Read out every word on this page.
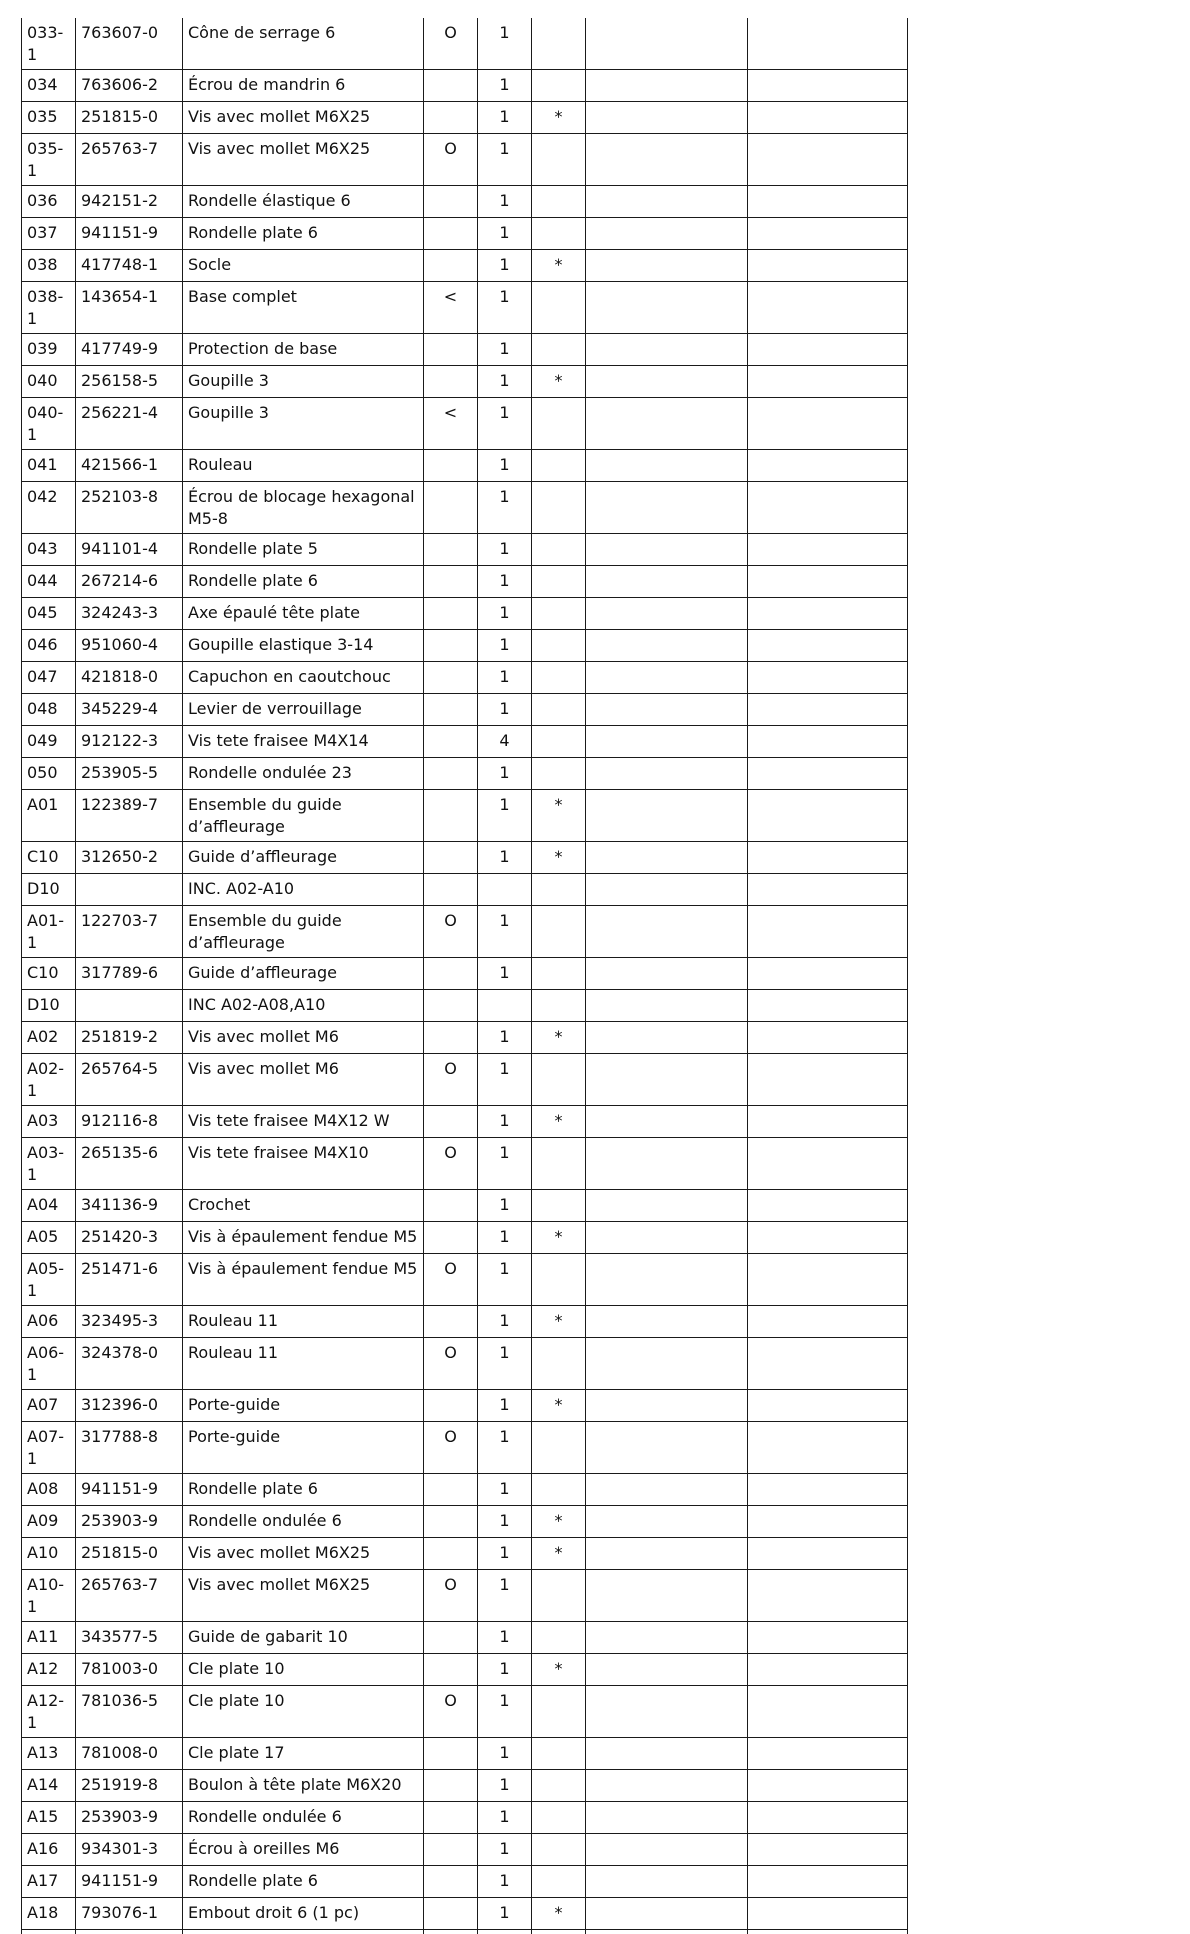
033-1	763607-0	Cône de serrage 6	O	1			
034	763606-2	Écrou de mandrin 6		1			
035	251815-0	Vis avec mollet M6X25		1	*		
035-1	265763-7	Vis avec mollet M6X25	O	1			
036	942151-2	Rondelle élastique 6		1			
037	941151-9	Rondelle plate 6		1			
038	417748-1	Socle		1	*		
038-1	143654-1	Base complet	<	1			
039	417749-9	Protection de base		1			
040	256158-5	Goupille 3		1	*		
040-1	256221-4	Goupille 3	<	1			
041	421566-1	Rouleau		1			
042	252103-8	Écrou de blocage hexagonal M5-8		1			
043	941101-4	Rondelle plate 5		1			
044	267214-6	Rondelle plate 6		1			
045	324243-3	Axe épaulé tête plate		1			
046	951060-4	Goupille elastique 3-14		1			
047	421818-0	Capuchon en caoutchouc		1			
048	345229-4	Levier de verrouillage		1			
049	912122-3	Vis tete fraisee M4X14		4			
050	253905-5	Rondelle ondulée 23		1			
A01	122389-7	Ensemble du guide d’affleurage		1	*		
C10	312650-2	Guide d’affleurage		1	*		
D10		INC. A02-A10					
A01-1	122703-7	Ensemble du guide d’affleurage	O	1			
C10	317789-6	Guide d’affleurage		1			
D10		INC A02-A08,A10					
A02	251819-2	Vis avec mollet M6		1	*		
A02-1	265764-5	Vis avec mollet M6	O	1			
A03	912116-8	Vis tete fraisee M4X12 W		1	*		
A03-1	265135-6	Vis tete fraisee M4X10	O	1			
A04	341136-9	Crochet		1			
A05	251420-3	Vis à épaulement fendue M5		1	*		
A05-1	251471-6	Vis à épaulement fendue M5	O	1			
A06	323495-3	Rouleau 11		1	*		
A06-1	324378-0	Rouleau 11	O	1			
A07	312396-0	Porte-guide		1	*		
A07-1	317788-8	Porte-guide	O	1			
A08	941151-9	Rondelle plate 6		1			
A09	253903-9	Rondelle ondulée 6		1	*		
A10	251815-0	Vis avec mollet M6X25		1	*		
A10-1	265763-7	Vis avec mollet M6X25	O	1			
A11	343577-5	Guide de gabarit 10		1			
A12	781003-0	Cle plate 10		1	*		
A12-1	781036-5	Cle plate 10	O	1			
A13	781008-0	Cle plate 17		1			
A14	251919-8	Boulon à tête plate M6X20		1			
A15	253903-9	Rondelle ondulée 6		1			
A16	934301-3	Écrou à oreilles M6		1			
A17	941151-9	Rondelle plate 6		1			
A18	793076-1	Embout droit 6 (1 pc)		1	*		
